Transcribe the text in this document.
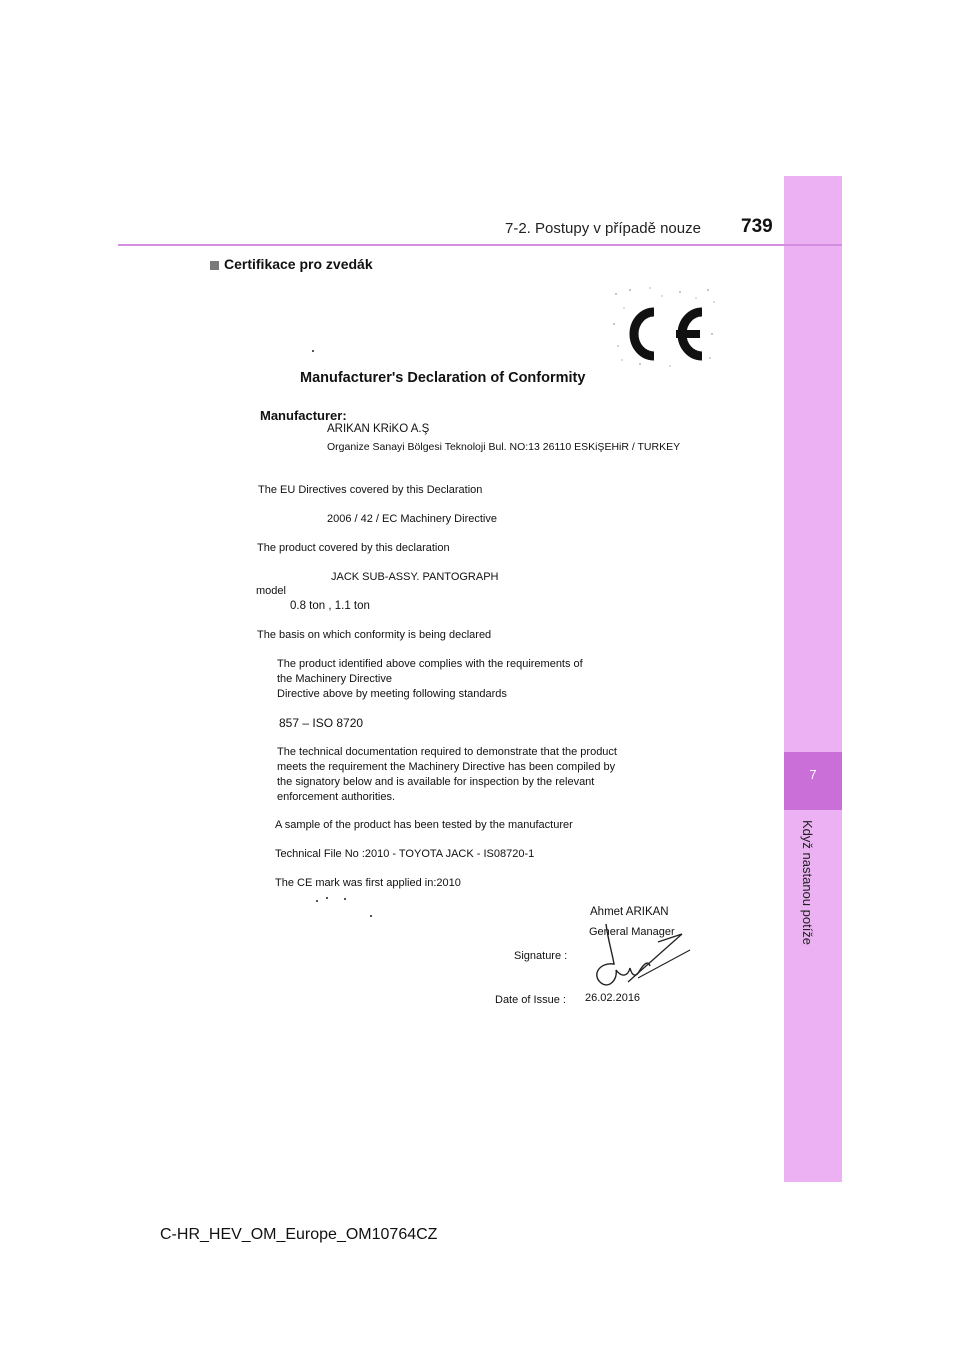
7
Když nastanou potíže
7-2. Postupy v případě nouze 739
Certifikace pro zvedák
Manufacturer's Declaration of Conformity
Manufacturer:
ARIKAN KRiKO A.Ş
Organize Sanayi Bölgesi Teknoloji Bul. NO:13 26110 ESKiŞEHiR / TURKEY
The EU Directives covered by this Declaration
2006 / 42 / EC Machinery Directive
The product covered by this declaration
JACK SUB-ASSY. PANTOGRAPH
model
0.8 ton , 1.1 ton
The basis on which conformity is being declared
The product identified above complies with the requirements of
the Machinery Directive
Directive above by meeting following standards
857 – ISO 8720
The technical documentation required to demonstrate that the product
meets the requirement the Machinery Directive has been compiled by
the signatory below and is available for inspection by the relevant
enforcement authorities.
A sample of the product has been tested by the manufacturer
Technical File No :2010 - TOYOTA JACK - IS08720-1
The CE mark was first applied in:2010
Ahmet ARIKAN
General Manager
Signature :
Date of Issue : 26.02.2016
C-HR_HEV_OM_Europe_OM10764CZ
